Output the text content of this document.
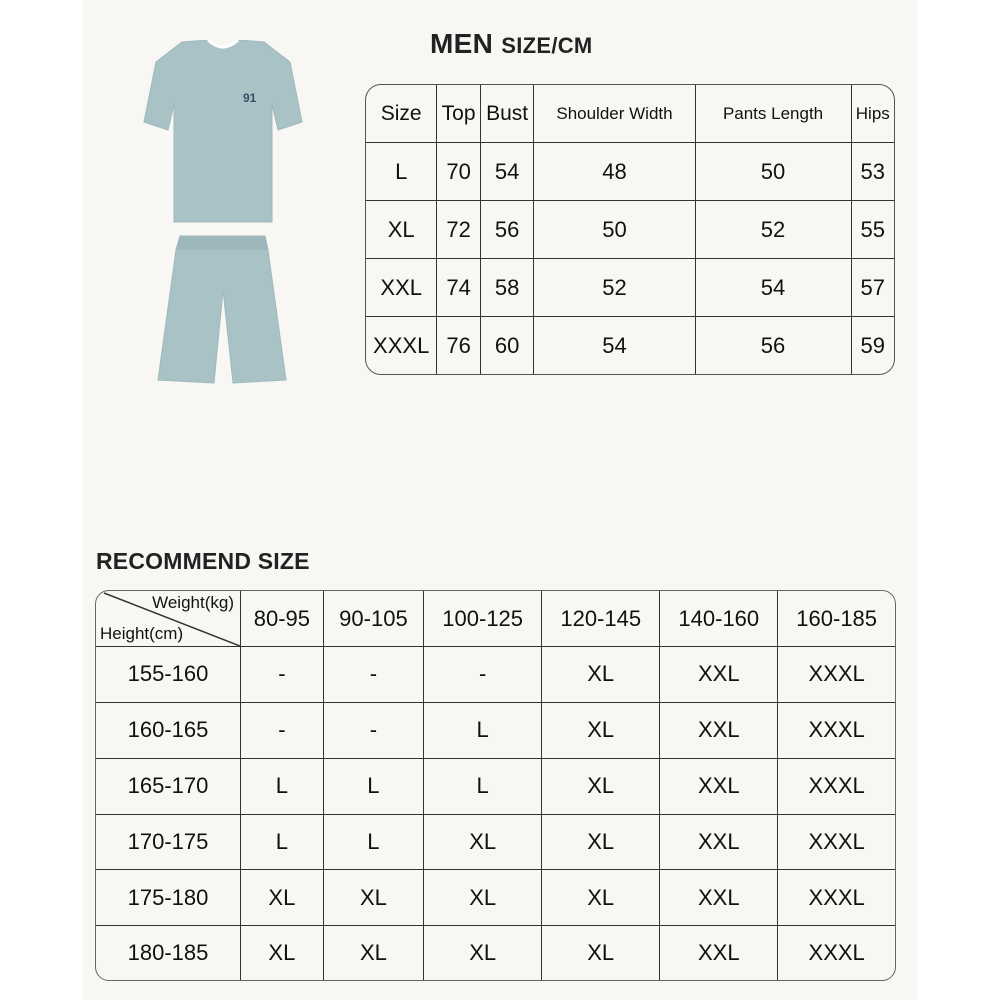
MEN SIZE/CM
91
Size	Top	Bust	Shoulder Width	Pants Length	Hips
L	70	54	48	50	53
XL	72	56	50	52	55
XXL	74	58	52	54	57
XXXL	76	60	54	56	59
RECOMMEND SIZE
Weight(kg)
Height(cm)	80-95	90-105	100-125	120-145	140-160	160-185
155-160	-	-	-	XL	XXL	XXXL
160-165	-	-	L	XL	XXL	XXXL
165-170	L	L	L	XL	XXL	XXXL
170-175	L	L	XL	XL	XXL	XXXL
175-180	XL	XL	XL	XL	XXL	XXXL
180-185	XL	XL	XL	XL	XXL	XXXL
